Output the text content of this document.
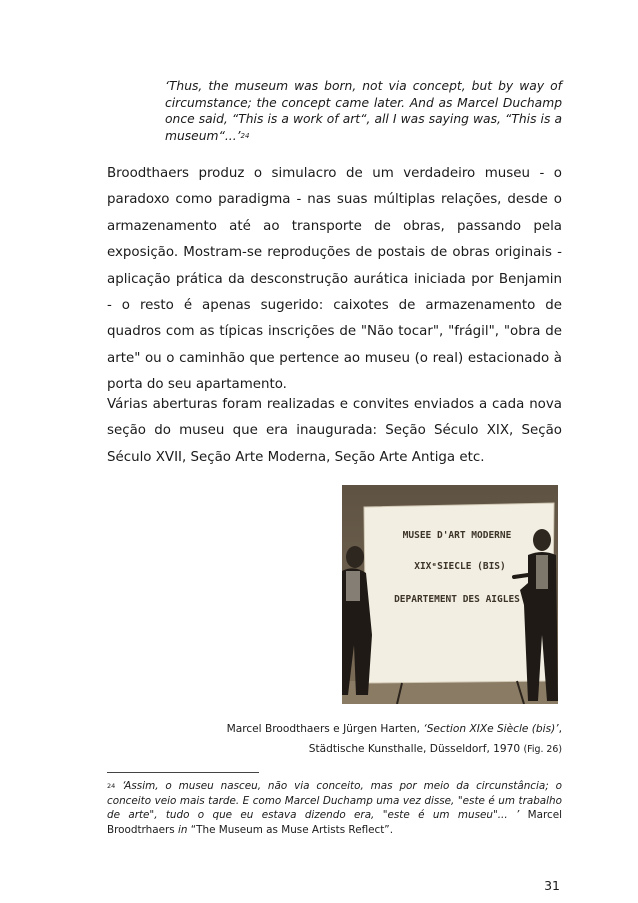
‘Thus, the museum was born, not via concept, but by way of circumstance; the concept came later. And as Marcel Duchamp once said, “This is a work of art“, all I was saying was, “This is a museum“...’$^{24}$

Broodthaers produz o simulacro de um verdadeiro museu - o paradoxo como paradigma - nas suas múltiplas relações, desde o armazenamento até ao transporte de obras, passando pela exposição. Mostram-se reproduções de postais de obras originais - aplicação prática da desconstrução aurática iniciada por Benjamin - o resto é apenas sugerido: caixotes de armazenamento de quadros com as típicas inscrições de "Não tocar", "frágil", "obra de arte" ou o caminhão que pertence ao museu (o real) estacionado à porta do seu apartamento.

Várias aberturas foram realizadas e convites enviados a cada nova seção do museu que era inaugurada: Seção Século XIX, Seção Século XVII, Seção Arte Moderna, Seção Arte Antiga etc.

MUSEE D'ART MODERNE
XIXᵉSIECLE (BIS)
DEPARTEMENT DES AIGLES
Marcel Broodthaers e Jürgen Harten, ‘Section XIXe Siècle (bis)’,
Städtische Kunsthalle, Düsseldorf, 1970 (Fig. 26)
$^{24}$ ‘Assim, o museu nasceu, não via conceito, mas por meio da circunstância; o conceito veio mais tarde. E como Marcel Duchamp uma vez disse, "este é um trabalho de arte", tudo o que eu estava dizendo era, "este é um museu"... ’ Marcel Broodtrhaers in “The Museum as Muse Artists Reflect”.
31
